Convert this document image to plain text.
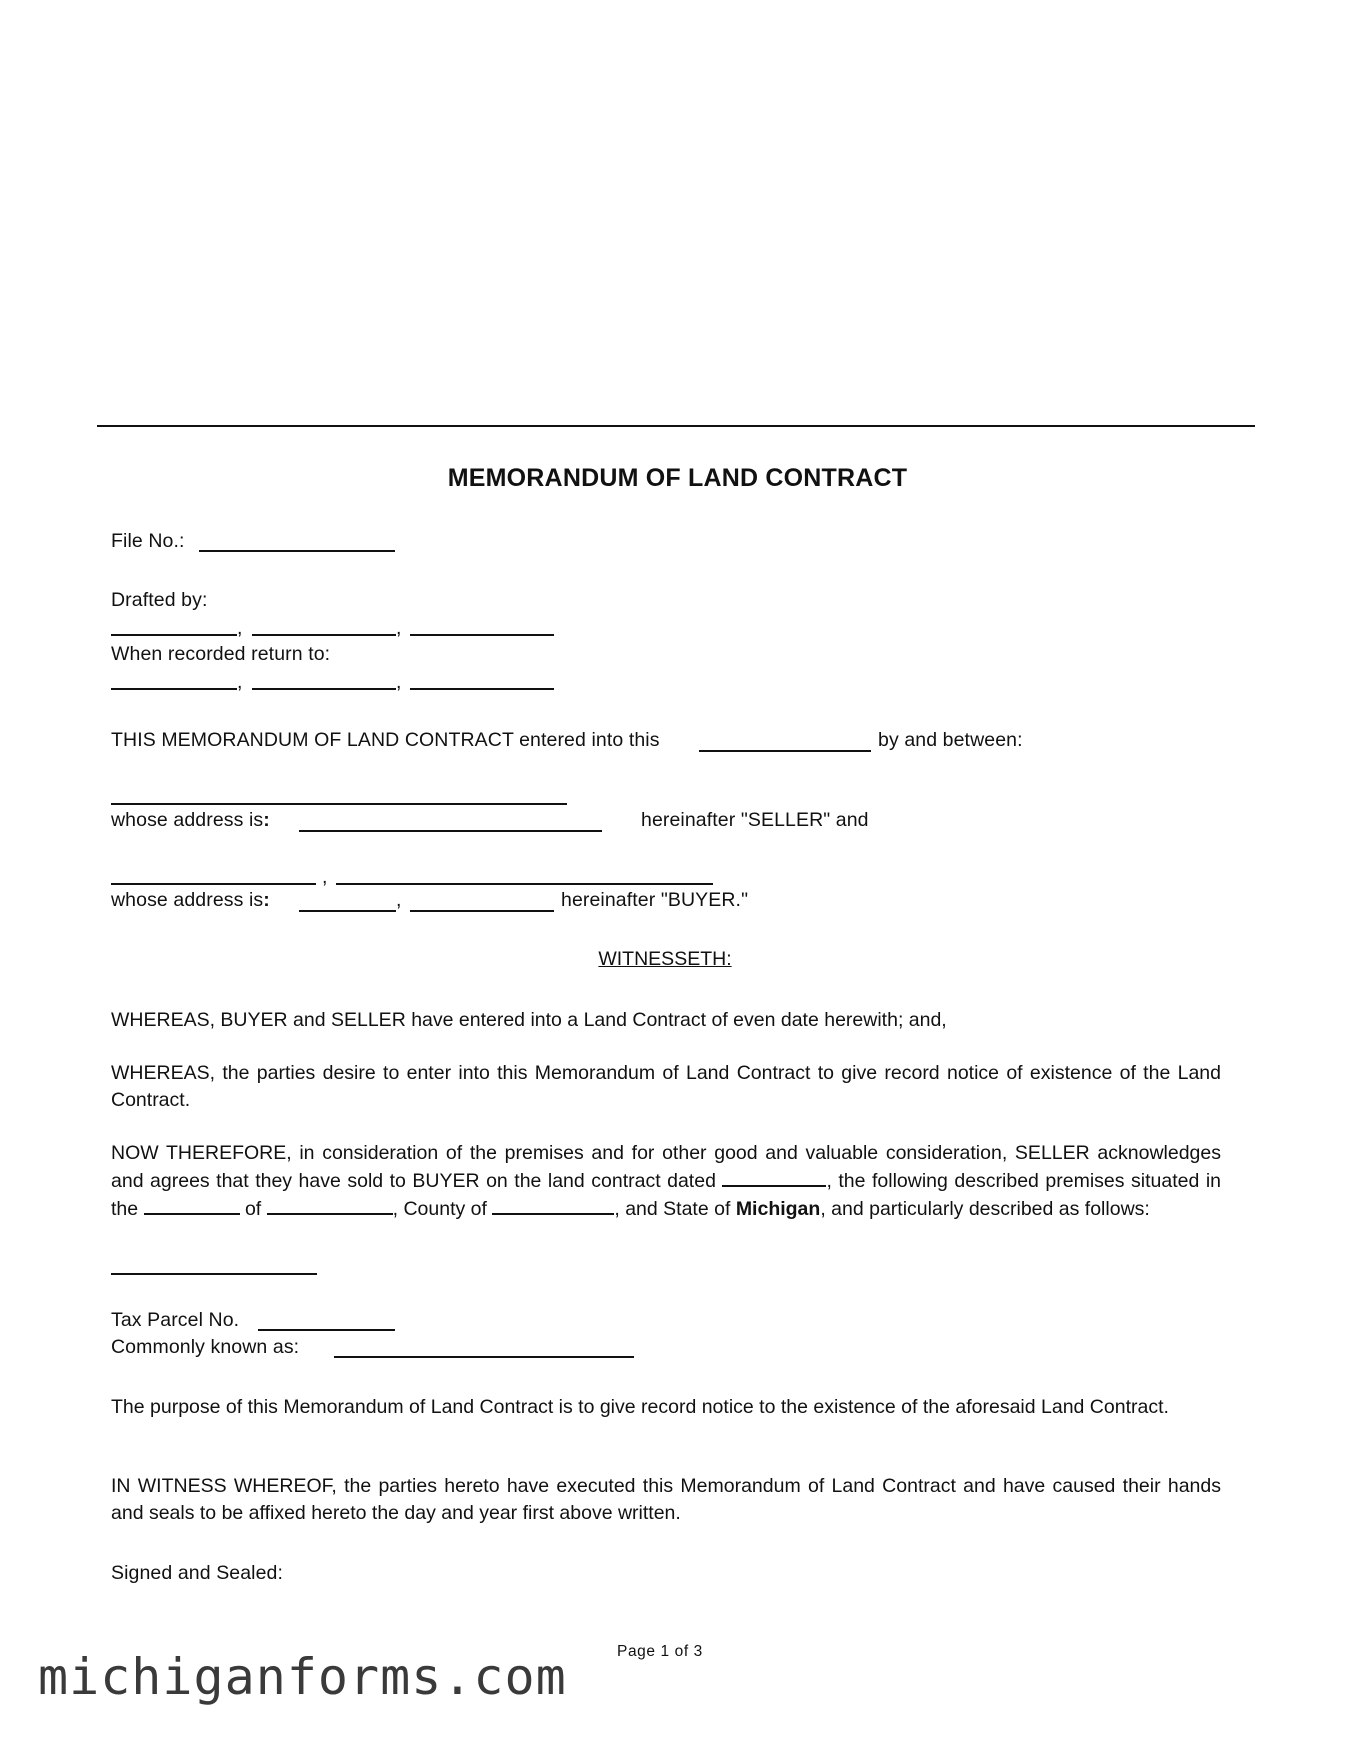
MEMORANDUM OF LAND CONTRACT
File No.:
Drafted by:
,	,
When recorded return to:
,	,
THIS MEMORANDUM OF LAND CONTRACT entered into this	by and between:
whose address is:	hereinafter "SELLER" and
,
whose address is:	,	hereinafter "BUYER."
WITNESSETH:
WHEREAS, BUYER and SELLER have entered into a Land Contract of even date herewith; and,
WHEREAS, the parties desire to enter into this Memorandum of Land Contract to give record notice of existence of the Land Contract.
NOW THEREFORE, in consideration of the premises and for other good and valuable consideration, SELLER acknowledges and agrees that they have sold to BUYER on the land contract dated	, the following described premises situated in the	of	, County of	, and State of Michigan, and particularly described as follows:
Tax Parcel No.
Commonly known as:
The purpose of this Memorandum of Land Contract is to give record notice to the existence of the aforesaid Land Contract.
IN WITNESS WHEREOF, the parties hereto have executed this Memorandum of Land Contract and have caused their hands and seals to be affixed hereto the day and year first above written.
Signed and Sealed:
Page 1 of 3
michiganforms.com
